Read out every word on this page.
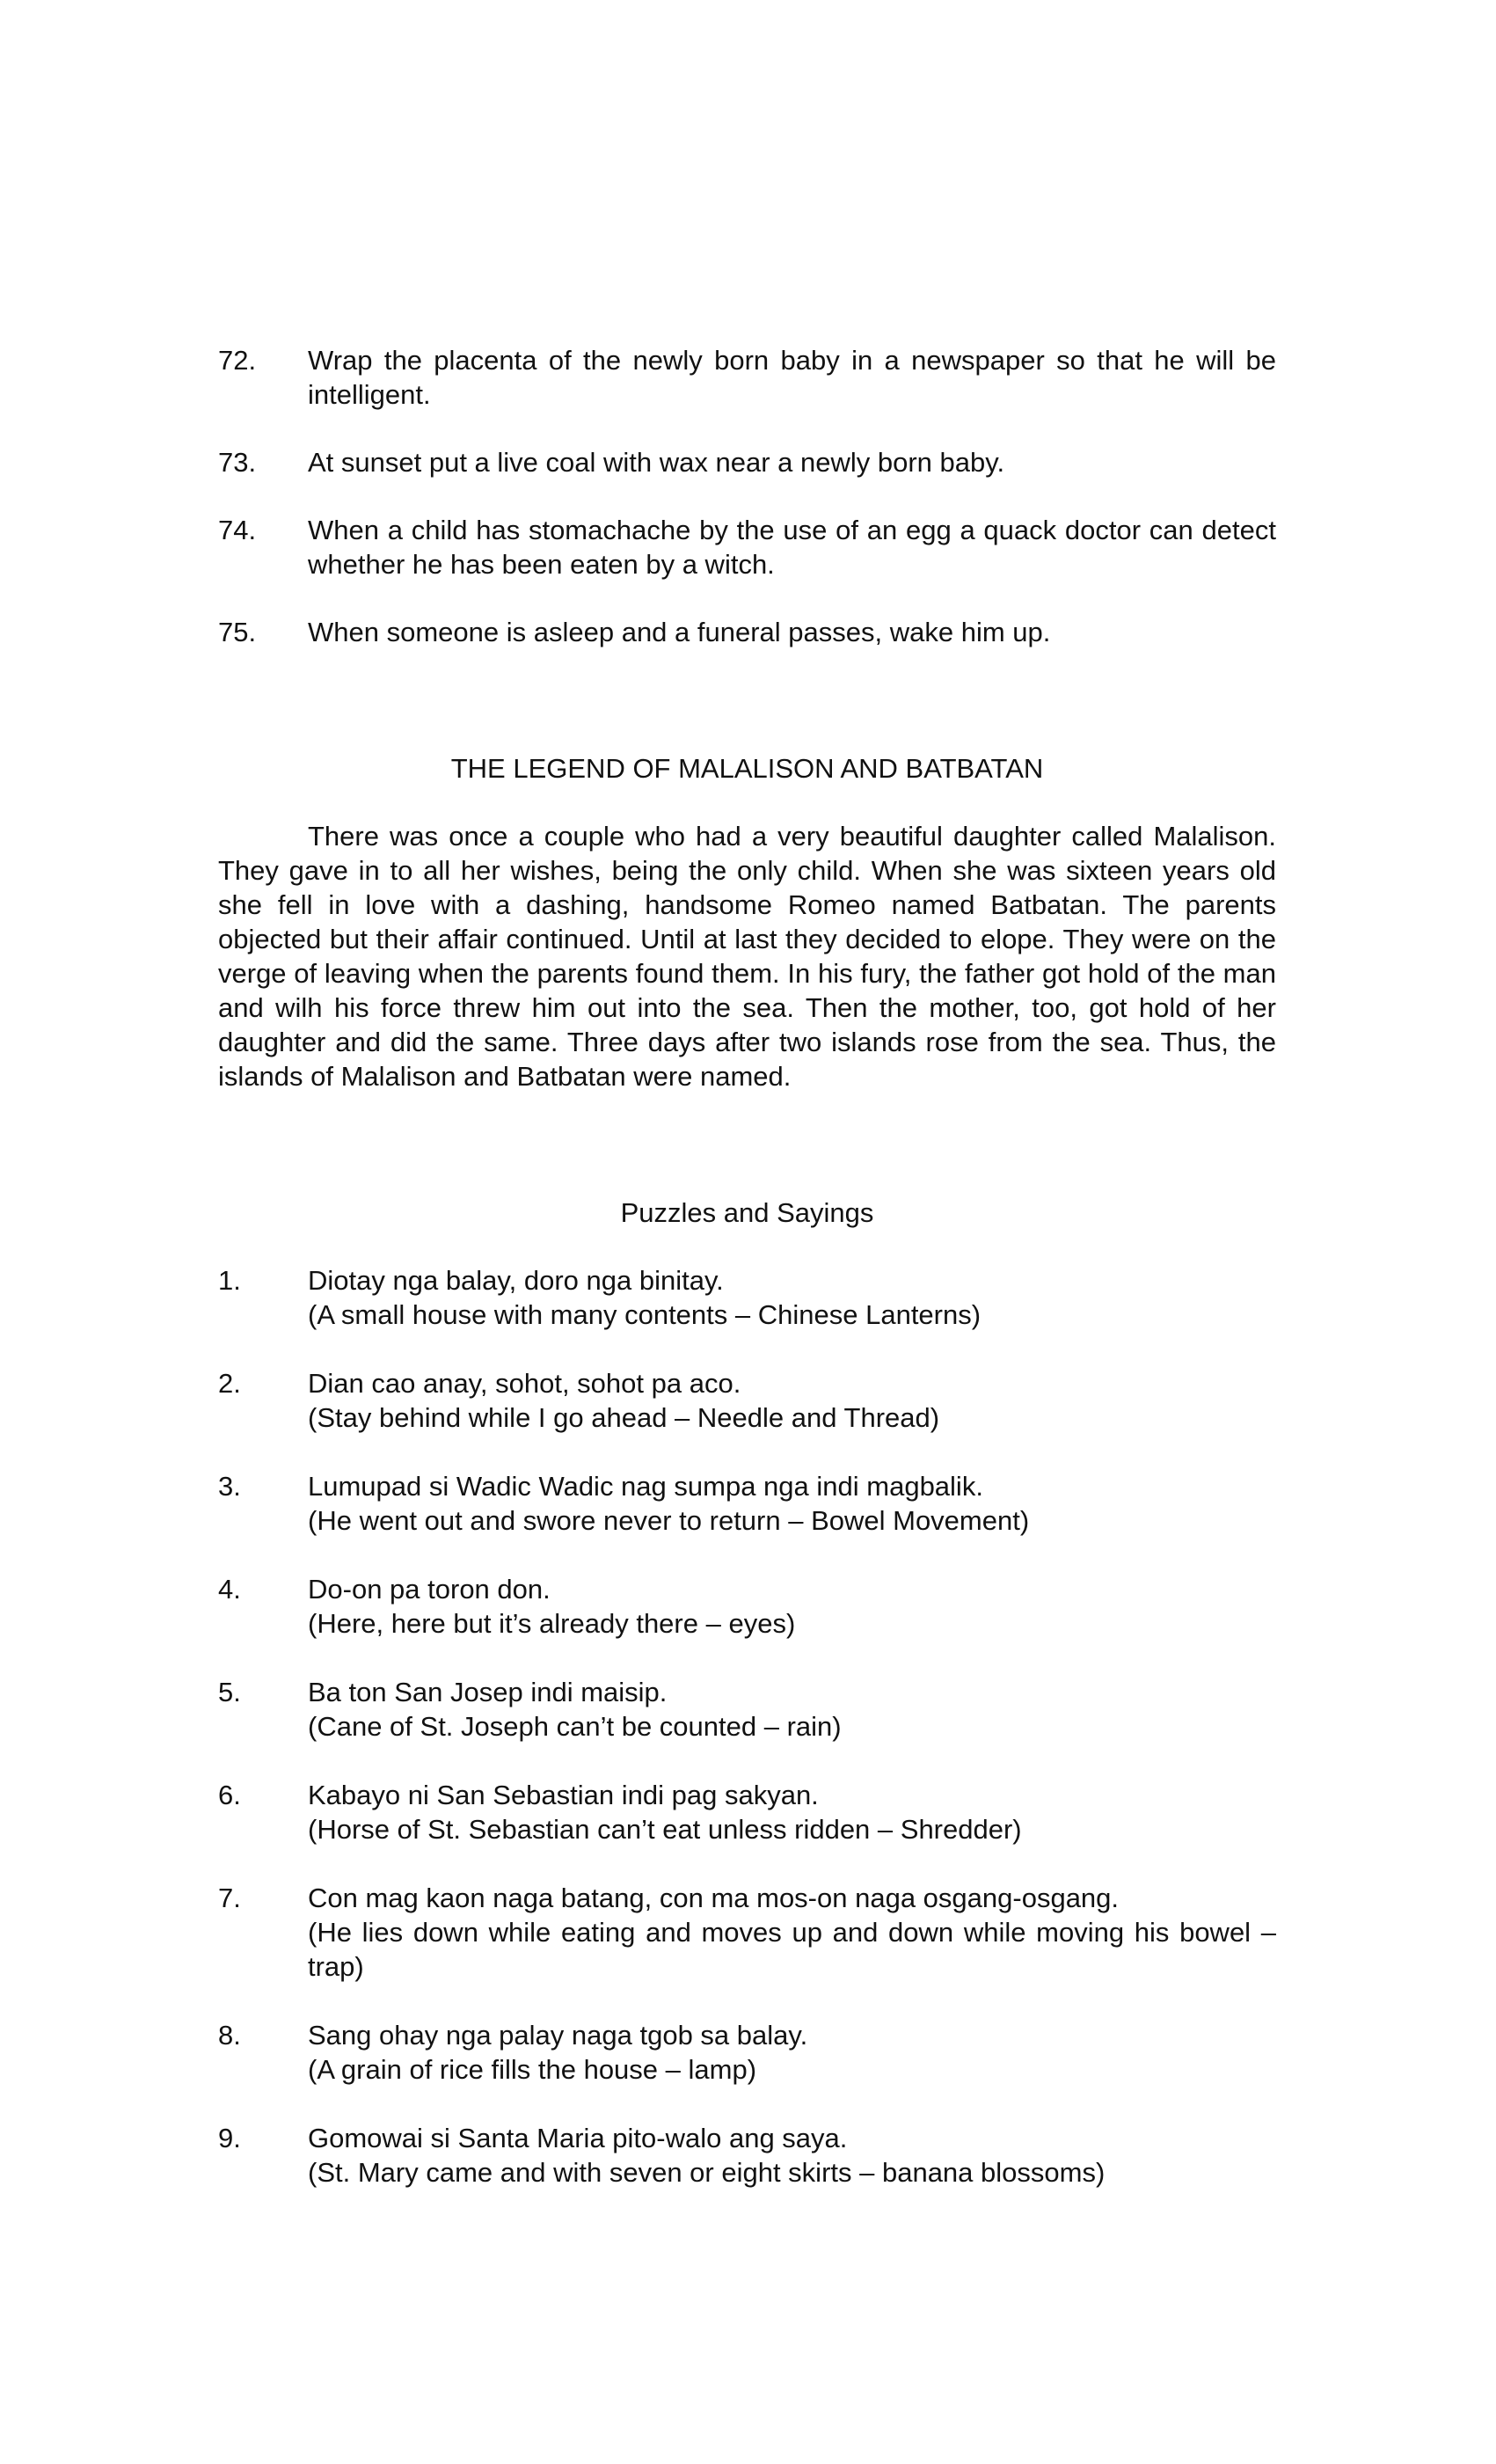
72.	Wrap the placenta of the newly born baby in a newspaper so that he will be intelligent.
73.	At sunset put a live coal with wax near a newly born baby.
74.	When a child has stomachache by the use of an egg a quack doctor can detect whether he has been eaten by a witch.
75.	When someone is asleep and a funeral passes, wake him up.
THE LEGEND OF MALALISON AND BATBATAN

There was once a couple who had a very beautiful daughter called Malalison. They gave in to all her wishes, being the only child. When she was sixteen years old she fell in love with a dashing, handsome Romeo named Batbatan. The parents objected but their affair continued. Until at last they decided to elope. They were on the verge of leaving when the parents found them. In his fury, the father got hold of the man and wilh his force threw him out into the sea. Then the mother, too, got hold of her daughter and did the same. Three days after two islands rose from the sea. Thus, the islands of Malalison and Batbatan were named.

Puzzles and Sayings
1.	Diotay nga balay, doro nga binitay.
(A small house with many contents – Chinese Lanterns)
2.	Dian cao anay, sohot, sohot pa aco.
(Stay behind while I go ahead – Needle and Thread)
3.	Lumupad si Wadic Wadic nag sumpa nga indi magbalik.
(He went out and swore never to return – Bowel Movement)
4.	Do-on pa toron don.
(Here, here but it’s already there – eyes)
5.	Ba ton San Josep indi maisip.
(Cane of St. Joseph can’t be counted – rain)
6.	Kabayo ni San Sebastian indi pag sakyan.
(Horse of St. Sebastian can’t eat unless ridden – Shredder)
7.	Con mag kaon naga batang, con ma mos-on naga osgang-osgang.
(He lies down while eating and moves up and down while moving his bowel – trap)
8.	Sang ohay nga palay naga tgob sa balay.
(A grain of rice fills the house – lamp)
9.	Gomowai si Santa Maria pito-walo ang saya.
(St. Mary came and with seven or eight skirts – banana blossoms)
